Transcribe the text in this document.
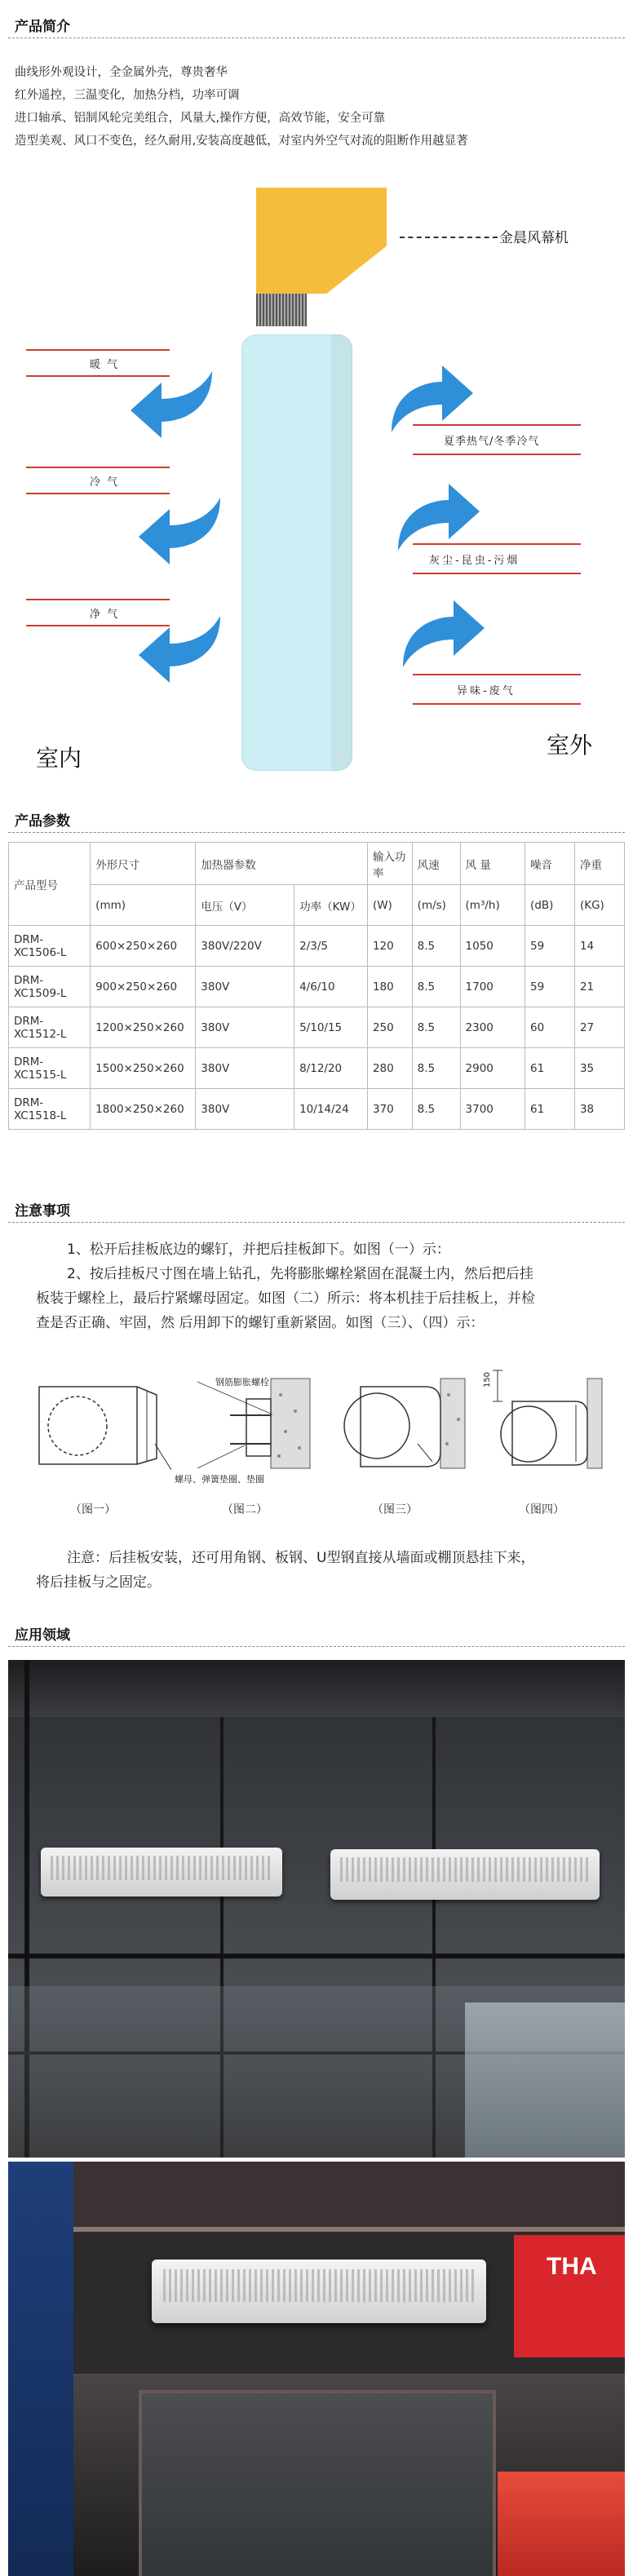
产品简介
曲线形外观设计，全金属外壳，尊贵奢华
红外遥控，三温变化，加热分档，功率可调
进口轴承、铝制风轮完美组合，风量大,操作方便，高效节能，安全可靠
造型美观、风口不变色，经久耐用,安装高度越低，对室内外空气对流的阻断作用越显著
金晨风幕机
暖 气
冷 气
净 气
夏季热气/冬季冷气
灰尘-昆虫-污烟
异味-废气
室内	室外
产品参数
产品型号	外形尺寸	加热器参数		输入功率	风速	风 量	噪音	净重
	(mm)	电压（V）	功率（KW）	(W)	(m/s)	(m³/h)	(dB)	(KG)
DRM-XC1506-L	600×250×260	380V/220V	2/3/5	120	8.5	1050	59	14
DRM-XC1509-L	900×250×260	380V	4/6/10	180	8.5	1700	59	21
DRM-XC1512-L	1200×250×260	380V	5/10/15	250	8.5	2300	60	27
DRM-XC1515-L	1500×250×260	380V	8/12/20	280	8.5	2900	61	35
DRM-XC1518-L	1800×250×260	380V	10/14/24	370	8.5	3700	61	38
注意事项
1、松开后挂板底边的螺钉，并把后挂板卸下。如图（一）示：
2、按后挂板尺寸图在墙上钻孔，先将膨胀螺栓紧固在混凝土内，然后把后挂
板装于螺栓上，最后拧紧螺母固定。如图（二）所示：将本机挂于后挂板上，并检
查是否正确、牢固，然 后用卸下的螺钉重新紧固。如图（三）、（四）示：
钢筋膨胀螺栓
螺母、弹簧垫圈、垫圈
150
（图一）	（图二）	（图三）	（图四）
注意：后挂板安装，还可用角钢、板钢、U型钢直接从墙面或棚顶悬挂下来，
将后挂板与之固定。
应用领域
THA
